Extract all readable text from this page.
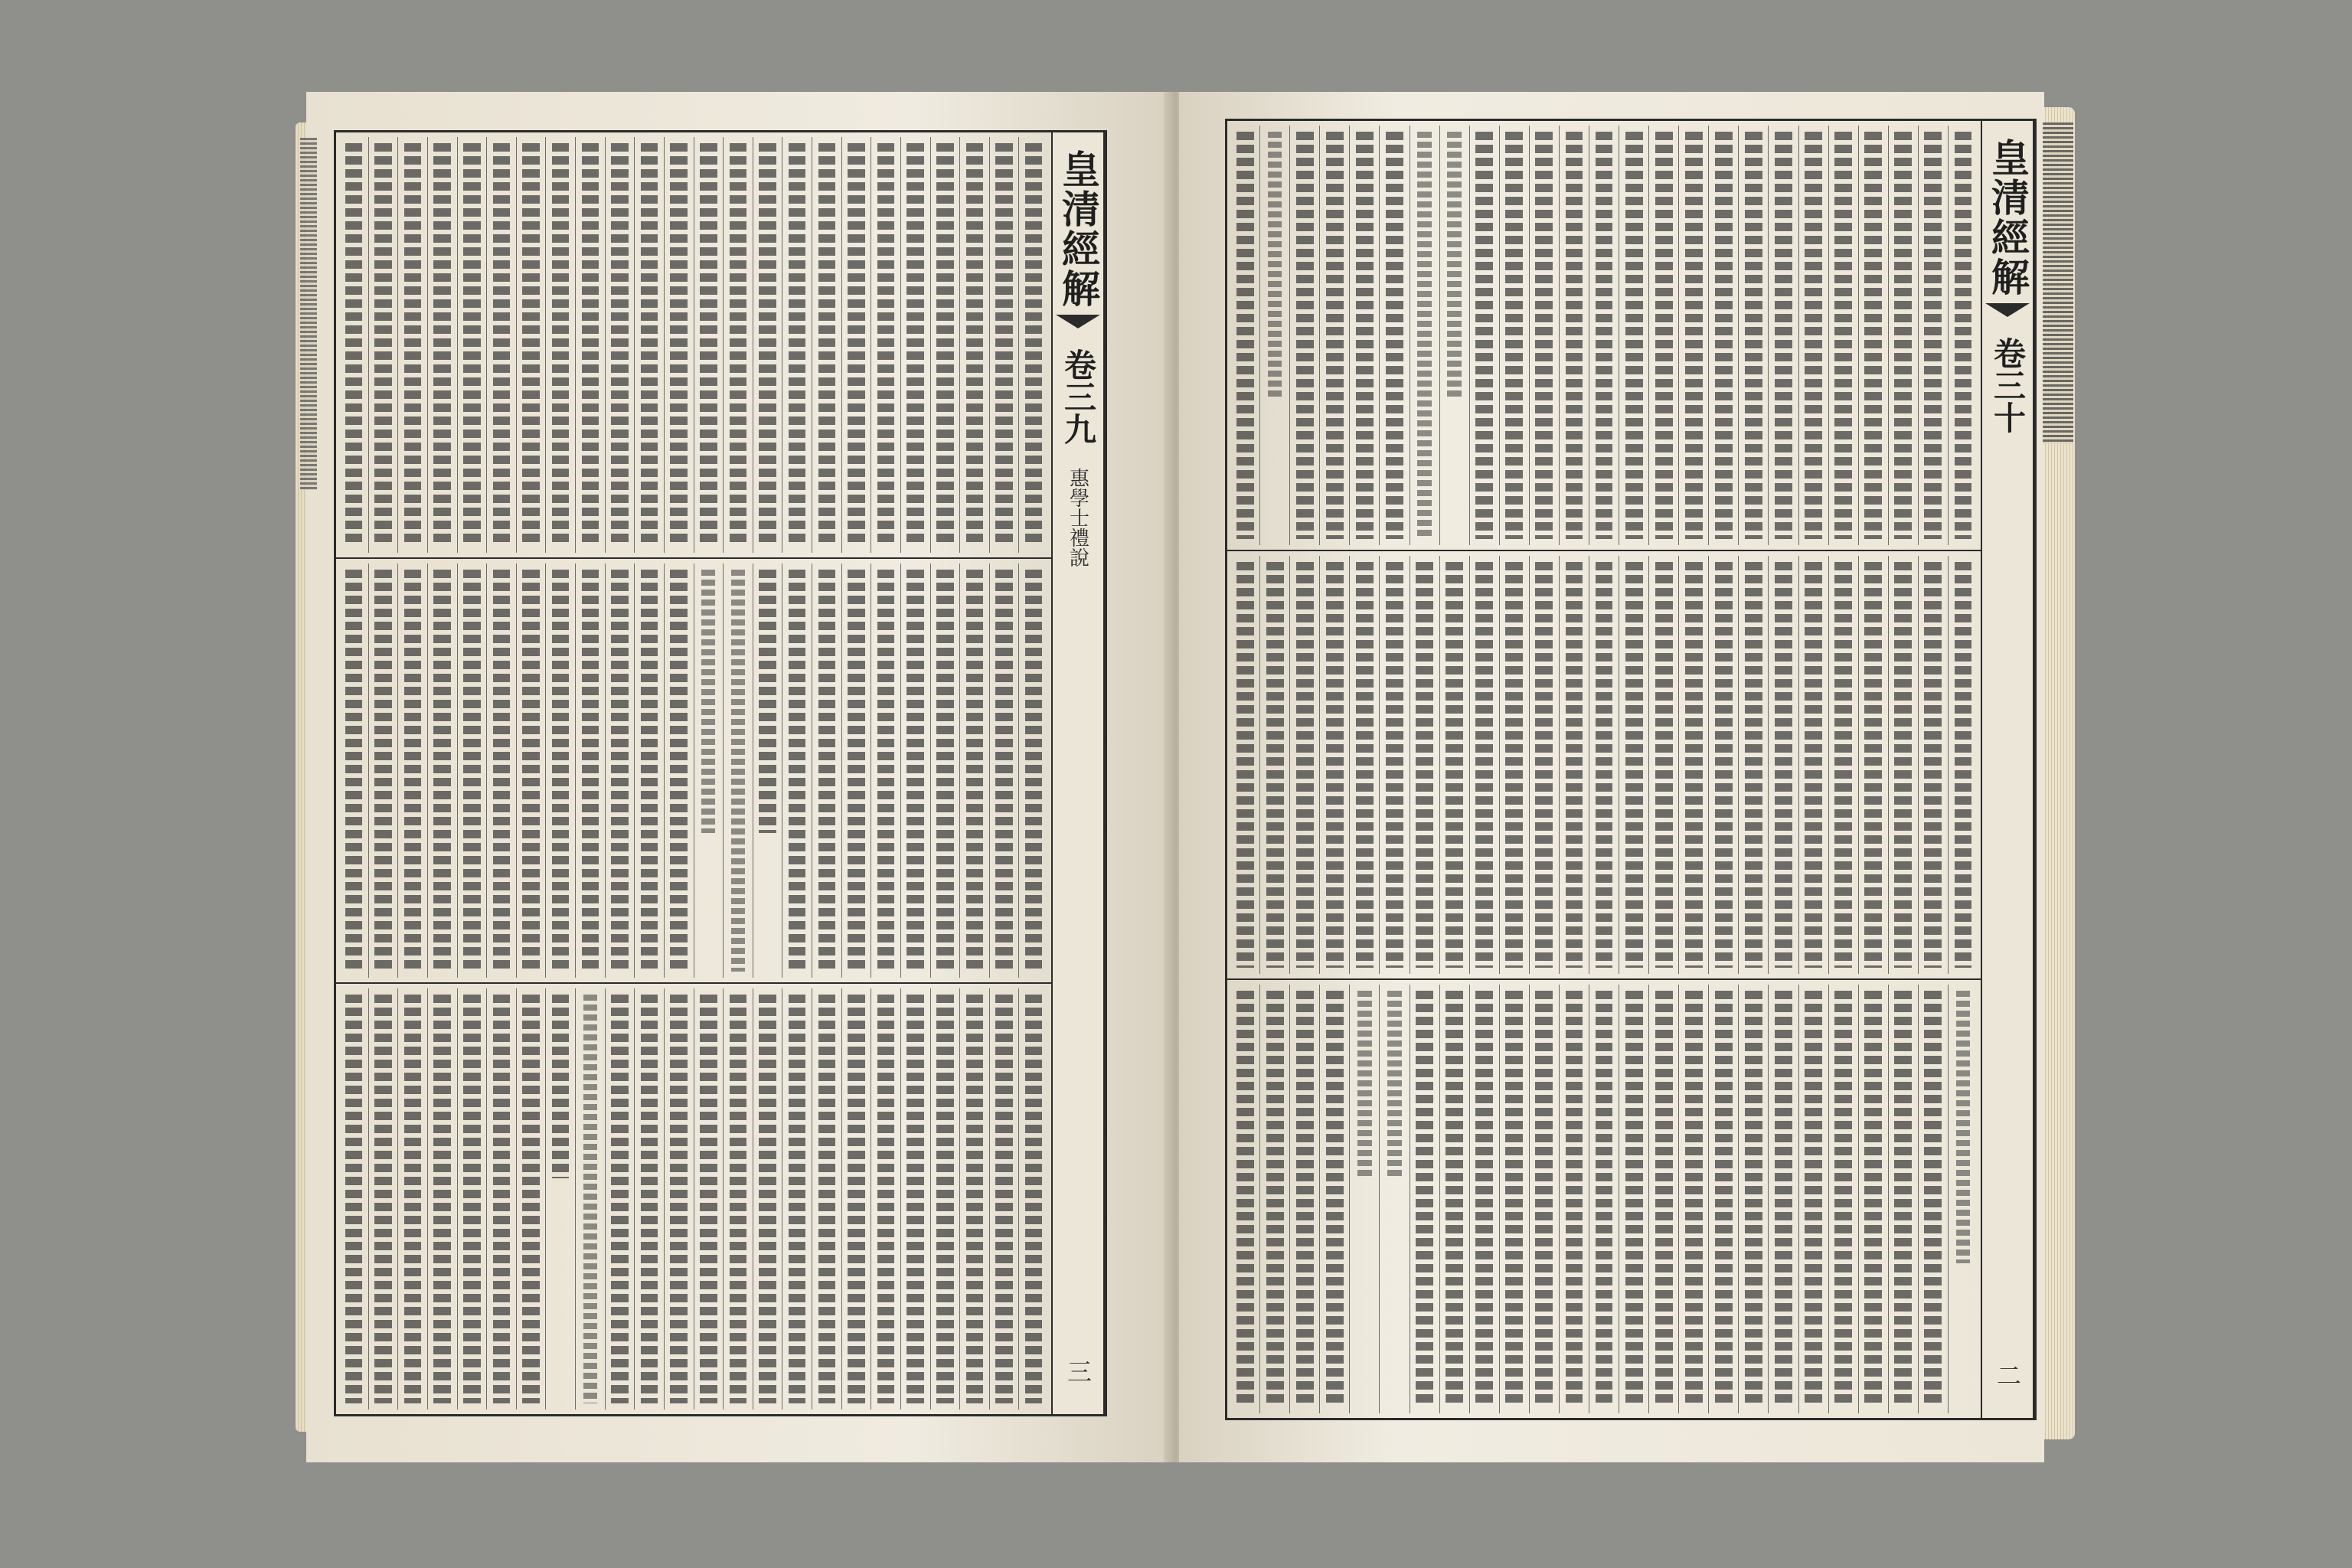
皇清經解
卷三九
惠學士禮說
三
皇清經解
卷三十
二
